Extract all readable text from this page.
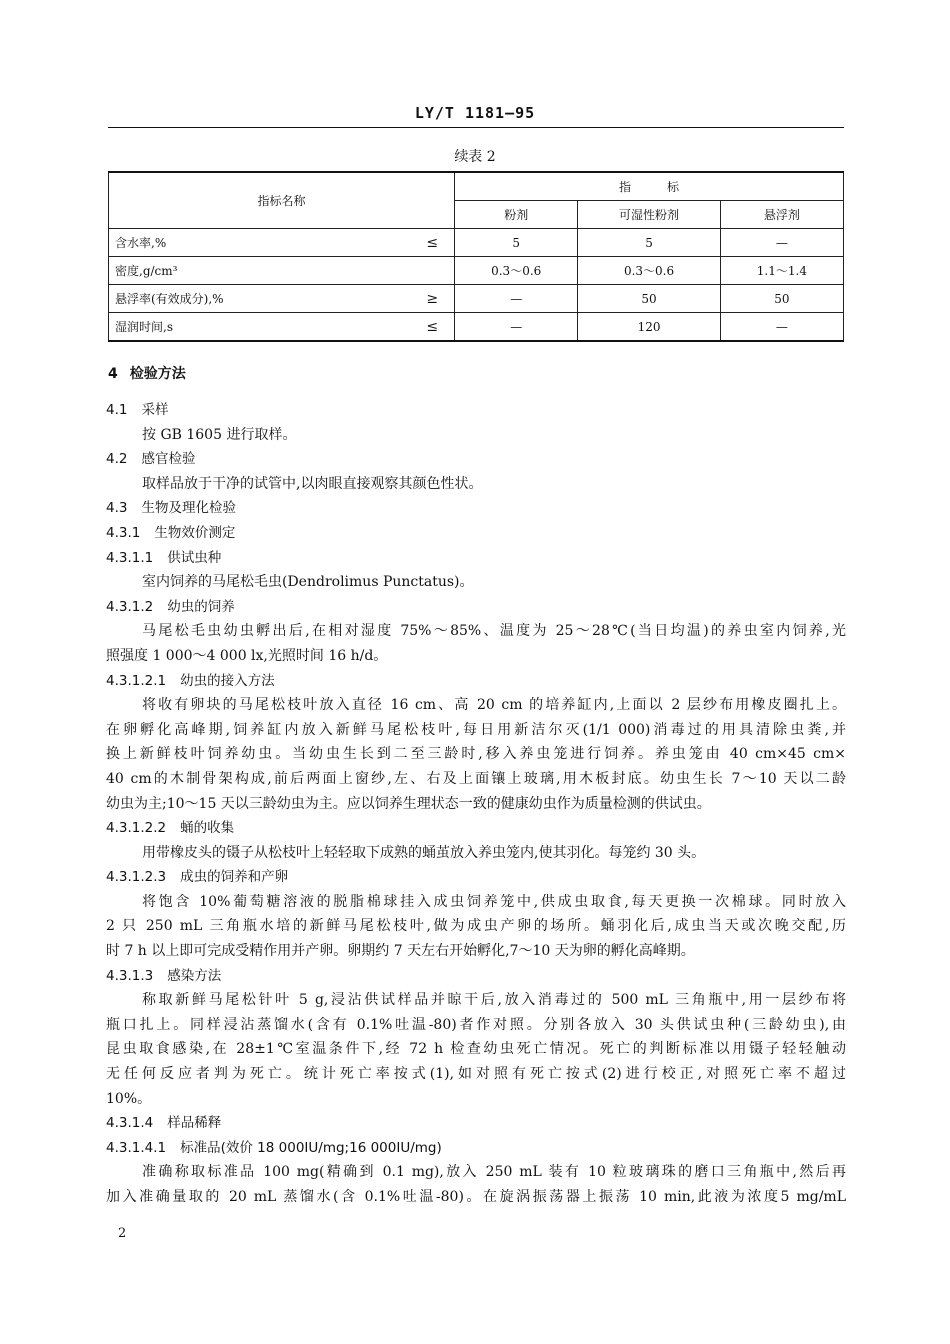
LY/T 1181—95
续表 2
指标名称		指　　　标		
		粉剂	可湿性粉剂	悬浮剂
含水率,%	≤	5	5	—
密度,g/cm³		0.3～0.6	0.3～0.6	1.1～1.4
悬浮率(有效成分),%	≥	—	50	50
湿润时间,s	≤	—	120	—
4 检验方法
4.1 采样
按 GB 1605 进行取样。
4.2 感官检验
取样品放于干净的试管中,以肉眼直接观察其颜色性状。
4.3 生物及理化检验
4.3.1 生物效价测定
4.3.1.1 供试虫种
室内饲养的马尾松毛虫(Dendrolimus Punctatus)。
4.3.1.2 幼虫的饲养
马尾松毛虫幼虫孵出后,在相对湿度 75%～85%、温度为 25～28℃(当日均温)的养虫室内饲养,光
照强度 1 000～4 000 lx,光照时间 16 h/d。
4.3.1.2.1 幼虫的接入方法
将收有卵块的马尾松枝叶放入直径 16 cm、高 20 cm 的培养缸内,上面以 2 层纱布用橡皮圈扎上。
在卵孵化高峰期,饲养缸内放入新鲜马尾松枝叶,每日用新洁尔灭(1/1 000)消毒过的用具清除虫粪,并
换上新鲜枝叶饲养幼虫。当幼虫生长到二至三龄时,移入养虫笼进行饲养。养虫笼由 40 cm×45 cm×
40 cm的木制骨架构成,前后两面上窗纱,左、右及上面镶上玻璃,用木板封底。幼虫生长 7～10 天以二龄
幼虫为主;10～15 天以三龄幼虫为主。应以饲养生理状态一致的健康幼虫作为质量检测的供试虫。
4.3.1.2.2 蛹的收集
用带橡皮头的镊子从松枝叶上轻轻取下成熟的蛹茧放入养虫笼内,使其羽化。每笼约 30 头。
4.3.1.2.3 成虫的饲养和产卵
将饱含 10%葡萄糖溶液的脱脂棉球挂入成虫饲养笼中,供成虫取食,每天更换一次棉球。同时放入
2 只 250 mL 三角瓶水培的新鲜马尾松枝叶,做为成虫产卵的场所。蛹羽化后,成虫当天或次晚交配,历
时 7 h 以上即可完成受精作用并产卵。卵期约 7 天左右开始孵化,7～10 天为卵的孵化高峰期。
4.3.1.3 感染方法
称取新鲜马尾松针叶 5 g,浸沾供试样品并晾干后,放入消毒过的 500 mL 三角瓶中,用一层纱布将
瓶口扎上。同样浸沾蒸馏水(含有 0.1%吐温-80)者作对照。分别各放入 30 头供试虫种(三龄幼虫),由
昆虫取食感染,在 28±1℃室温条件下,经 72 h 检查幼虫死亡情况。死亡的判断标准以用镊子轻轻触动
无任何反应者判为死亡。统计死亡率按式(1),如对照有死亡按式(2)进行校正,对照死亡率不超过
10%。
4.3.1.4 样品稀释
4.3.1.4.1 标准品(效价 18 000IU/mg;16 000IU/mg)
准确称取标准品 100 mg(精确到 0.1 mg),放入 250 mL 装有 10 粒玻璃珠的磨口三角瓶中,然后再
加入准确量取的 20 mL 蒸馏水(含 0.1%吐温-80)。在旋涡振荡器上振荡 10 min,此液为浓度5 mg/mL
2
